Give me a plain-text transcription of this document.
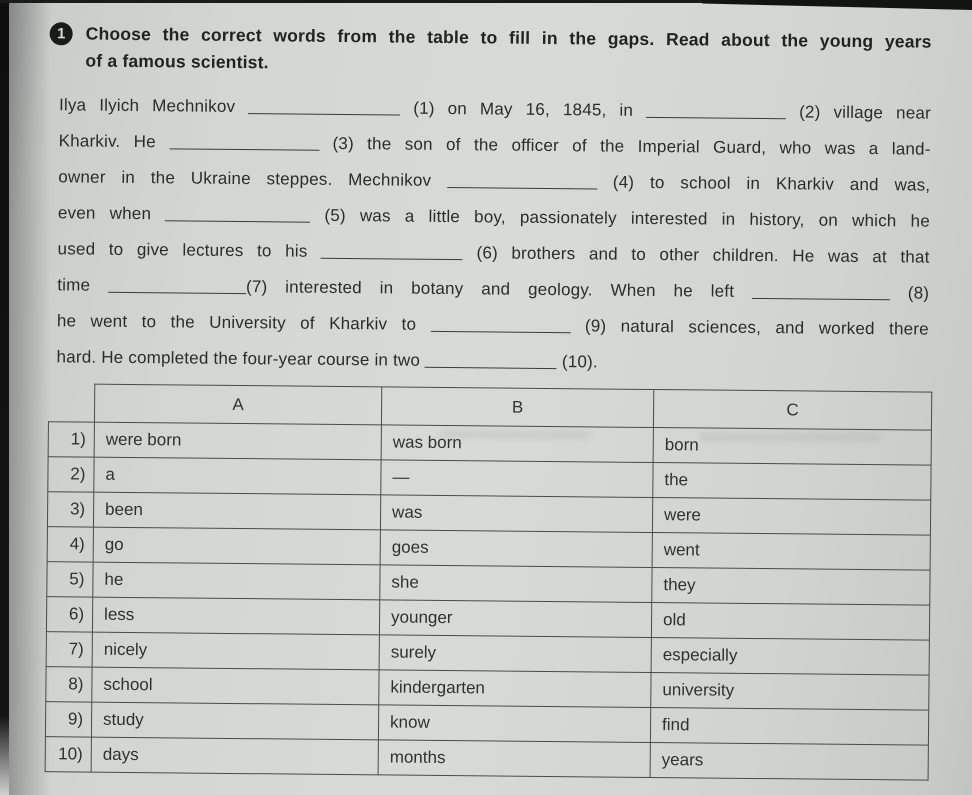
1	Choose the correct words from the table to fill in the gaps. Read about the young years
of a famous scientist.
Ilya Ilyich Mechnikov	(1) on May 16, 1845, in	(2) village near
Kharkiv. He	(3) the son of the officer of the Imperial Guard, who was a land-
owner in the Ukraine steppes. Mechnikov	(4) to school in Kharkiv and was,
even when	(5) was a little boy, passionately interested in history, on which he
used to give lectures to his	(6) brothers and to other children. He was at that
time	(7) interested in botany and geology. When he left	(8)
he went to the University of Kharkiv to	(9) natural sciences, and worked there
hard. He completed the four-year course in two	(10).
	A	B	C
1)	were born	was born	born
2)	a	—	the
3)	been	was	were
4)	go	goes	went
5)	he	she	they
6)	less	younger	old
7)	nicely	surely	especially
8)	school	kindergarten	university
9)	study	know	find
10)	days	months	years
